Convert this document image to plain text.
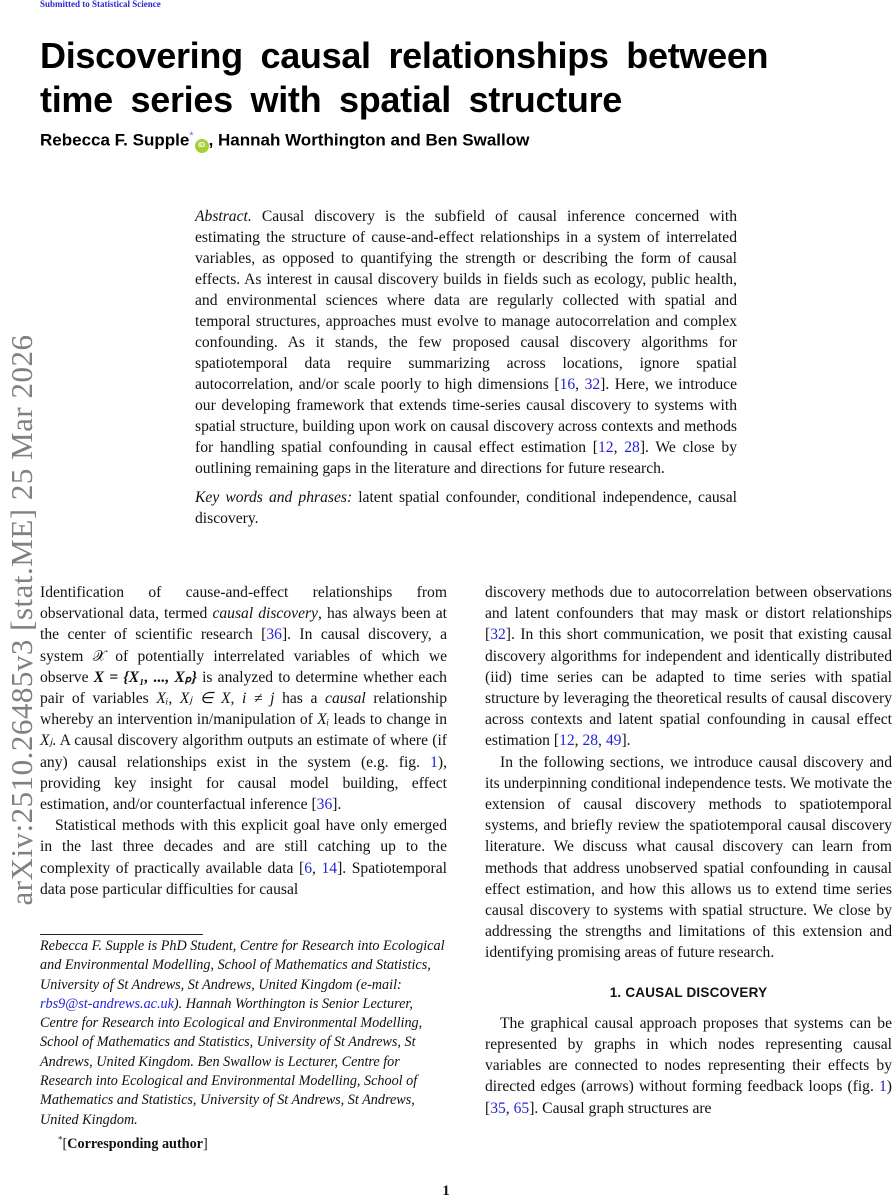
Submitted to Statistical Science
Discovering causal relationships between time series with spatial structure
Rebecca F. Supple*iD , Hannah Worthington and Ben Swallow

Abstract. Causal discovery is the subfield of causal inference concerned with estimating the structure of cause-and-effect relationships in a system of interrelated variables, as opposed to quantifying the strength or describing the form of causal effects. As interest in causal discovery builds in fields such as ecology, public health, and environmental sciences where data are regularly collected with spatial and temporal structures, approaches must evolve to manage autocorrelation and complex confounding. As it stands, the few proposed causal discovery algorithms for spatiotemporal data require summarizing across locations, ignore spatial autocorrelation, and/or scale poorly to high dimensions [16, 32]. Here, we introduce our developing framework that extends time-series causal discovery to systems with spatial structure, building upon work on causal discovery across contexts and methods for handling spatial confounding in causal effect estimation [12, 28]. We close by outlining remaining gaps in the literature and directions for future research.

Key words and phrases: latent spatial confounder, conditional independence, causal discovery.

arXiv:2510.26485v3 [stat.ME] 25 Mar 2026 Identification of cause-and-effect relationships from observational data, termed causal discovery, has always been at the center of scientific research [36]. In causal discovery, a system 𝒳 of potentially interrelated variables of which we observe X = {X₁, ..., Xₚ} is analyzed to determine whether each pair of variables Xᵢ, Xⱼ ∈ X, i ≠ j has a causal relationship whereby an intervention in/manipulation of Xᵢ leads to change in Xⱼ. A causal discovery algorithm outputs an estimate of where (if any) causal relationships exist in the system (e.g. fig. 1), providing key insight for causal model building, effect estimation, and/or counterfactual inference [36].

Statistical methods with this explicit goal have only emerged in the last three decades and are still catching up to the complexity of practically available data [6, 14]. Spatiotemporal data pose particular difficulties for causal

Rebecca F. Supple is PhD Student, Centre for Research into Ecological and Environmental Modelling, School of Mathematics and Statistics, University of St Andrews, St Andrews, United Kingdom (e-mail: rbs9@st-andrews.ac.uk). Hannah Worthington is Senior Lecturer, Centre for Research into Ecological and Environmental Modelling, School of Mathematics and Statistics, University of St Andrews, St Andrews, United Kingdom. Ben Swallow is Lecturer, Centre for Research into Ecological and Environmental Modelling, School of Mathematics and Statistics, University of St Andrews, St Andrews, United Kingdom.
*[Corresponding author]

discovery methods due to autocorrelation between observations and latent confounders that may mask or distort relationships [32]. In this short communication, we posit that existing causal discovery algorithms for independent and identically distributed (iid) time series can be adapted to time series with spatial structure by leveraging the theoretical results of causal discovery across contexts and latent spatial confounding in causal effect estimation [12, 28, 49].

In the following sections, we introduce causal discovery and its underpinning conditional independence tests. We motivate the extension of causal discovery methods to spatiotemporal systems, and briefly review the spatiotemporal causal discovery literature. We discuss what causal discovery can learn from methods that address unobserved spatial confounding in causal effect estimation, and how this allows us to extend time series causal discovery to systems with spatial structure. We close by addressing the strengths and limitations of this extension and identifying promising areas of future research.

1. CAUSAL DISCOVERY

The graphical causal approach proposes that systems can be represented by graphs in which nodes representing causal variables are connected to nodes representing their effects by directed edges (arrows) without forming feedback loops (fig. 1) [35, 65]. Causal graph structures are

1
